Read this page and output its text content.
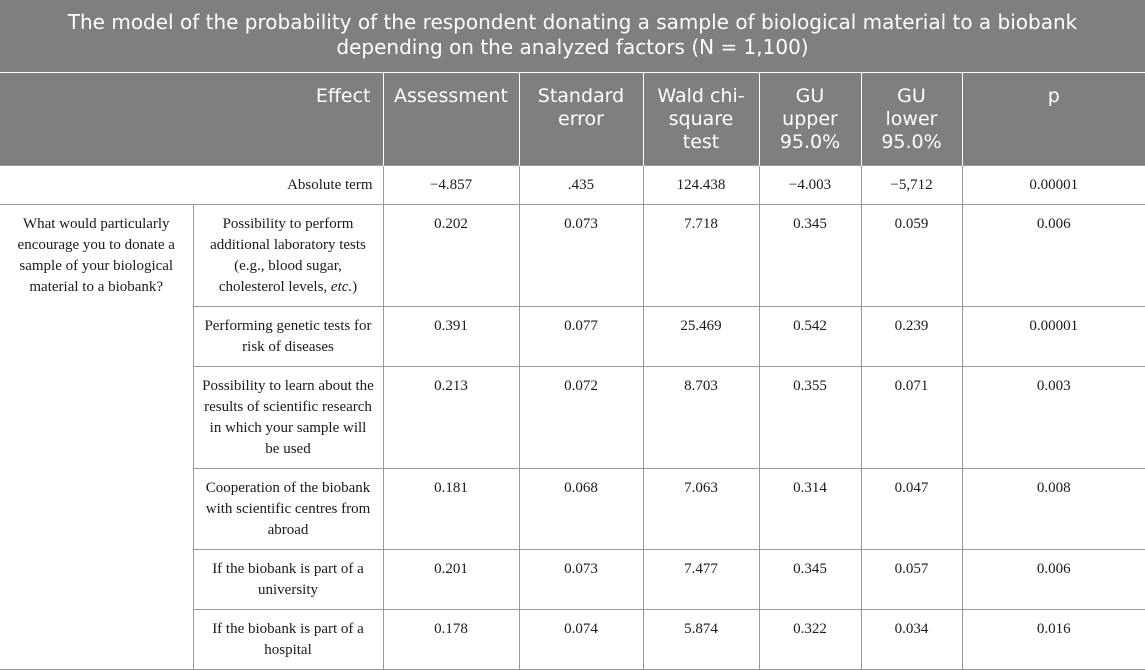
The model of the probability of the respondent donating a sample of biological material to a biobank depending on the analyzed factors (N = 1,100)							
Effect		Assessment	Standard error	Wald chi-square test	GU upper 95.0%	GU lower 95.0%	p
Absolute term		−4.857	.435	124.438	−4.003	−5,712	0.00001
What would particularly encourage you to donate a sample of your biological material to a biobank?	Possibility to perform additional laboratory tests (e.g., blood sugar, cholesterol levels, etc.)	0.202	0.073	7.718	0.345	0.059	0.006
	Performing genetic tests for risk of diseases	0.391	0.077	25.469	0.542	0.239	0.00001
	Possibility to learn about the results of scientific research in which your sample will be used	0.213	0.072	8.703	0.355	0.071	0.003
	Cooperation of the biobank with scientific centres from abroad	0.181	0.068	7.063	0.314	0.047	0.008
	If the biobank is part of a university	0.201	0.073	7.477	0.345	0.057	0.006
	If the biobank is part of a hospital	0.178	0.074	5.874	0.322	0.034	0.016
